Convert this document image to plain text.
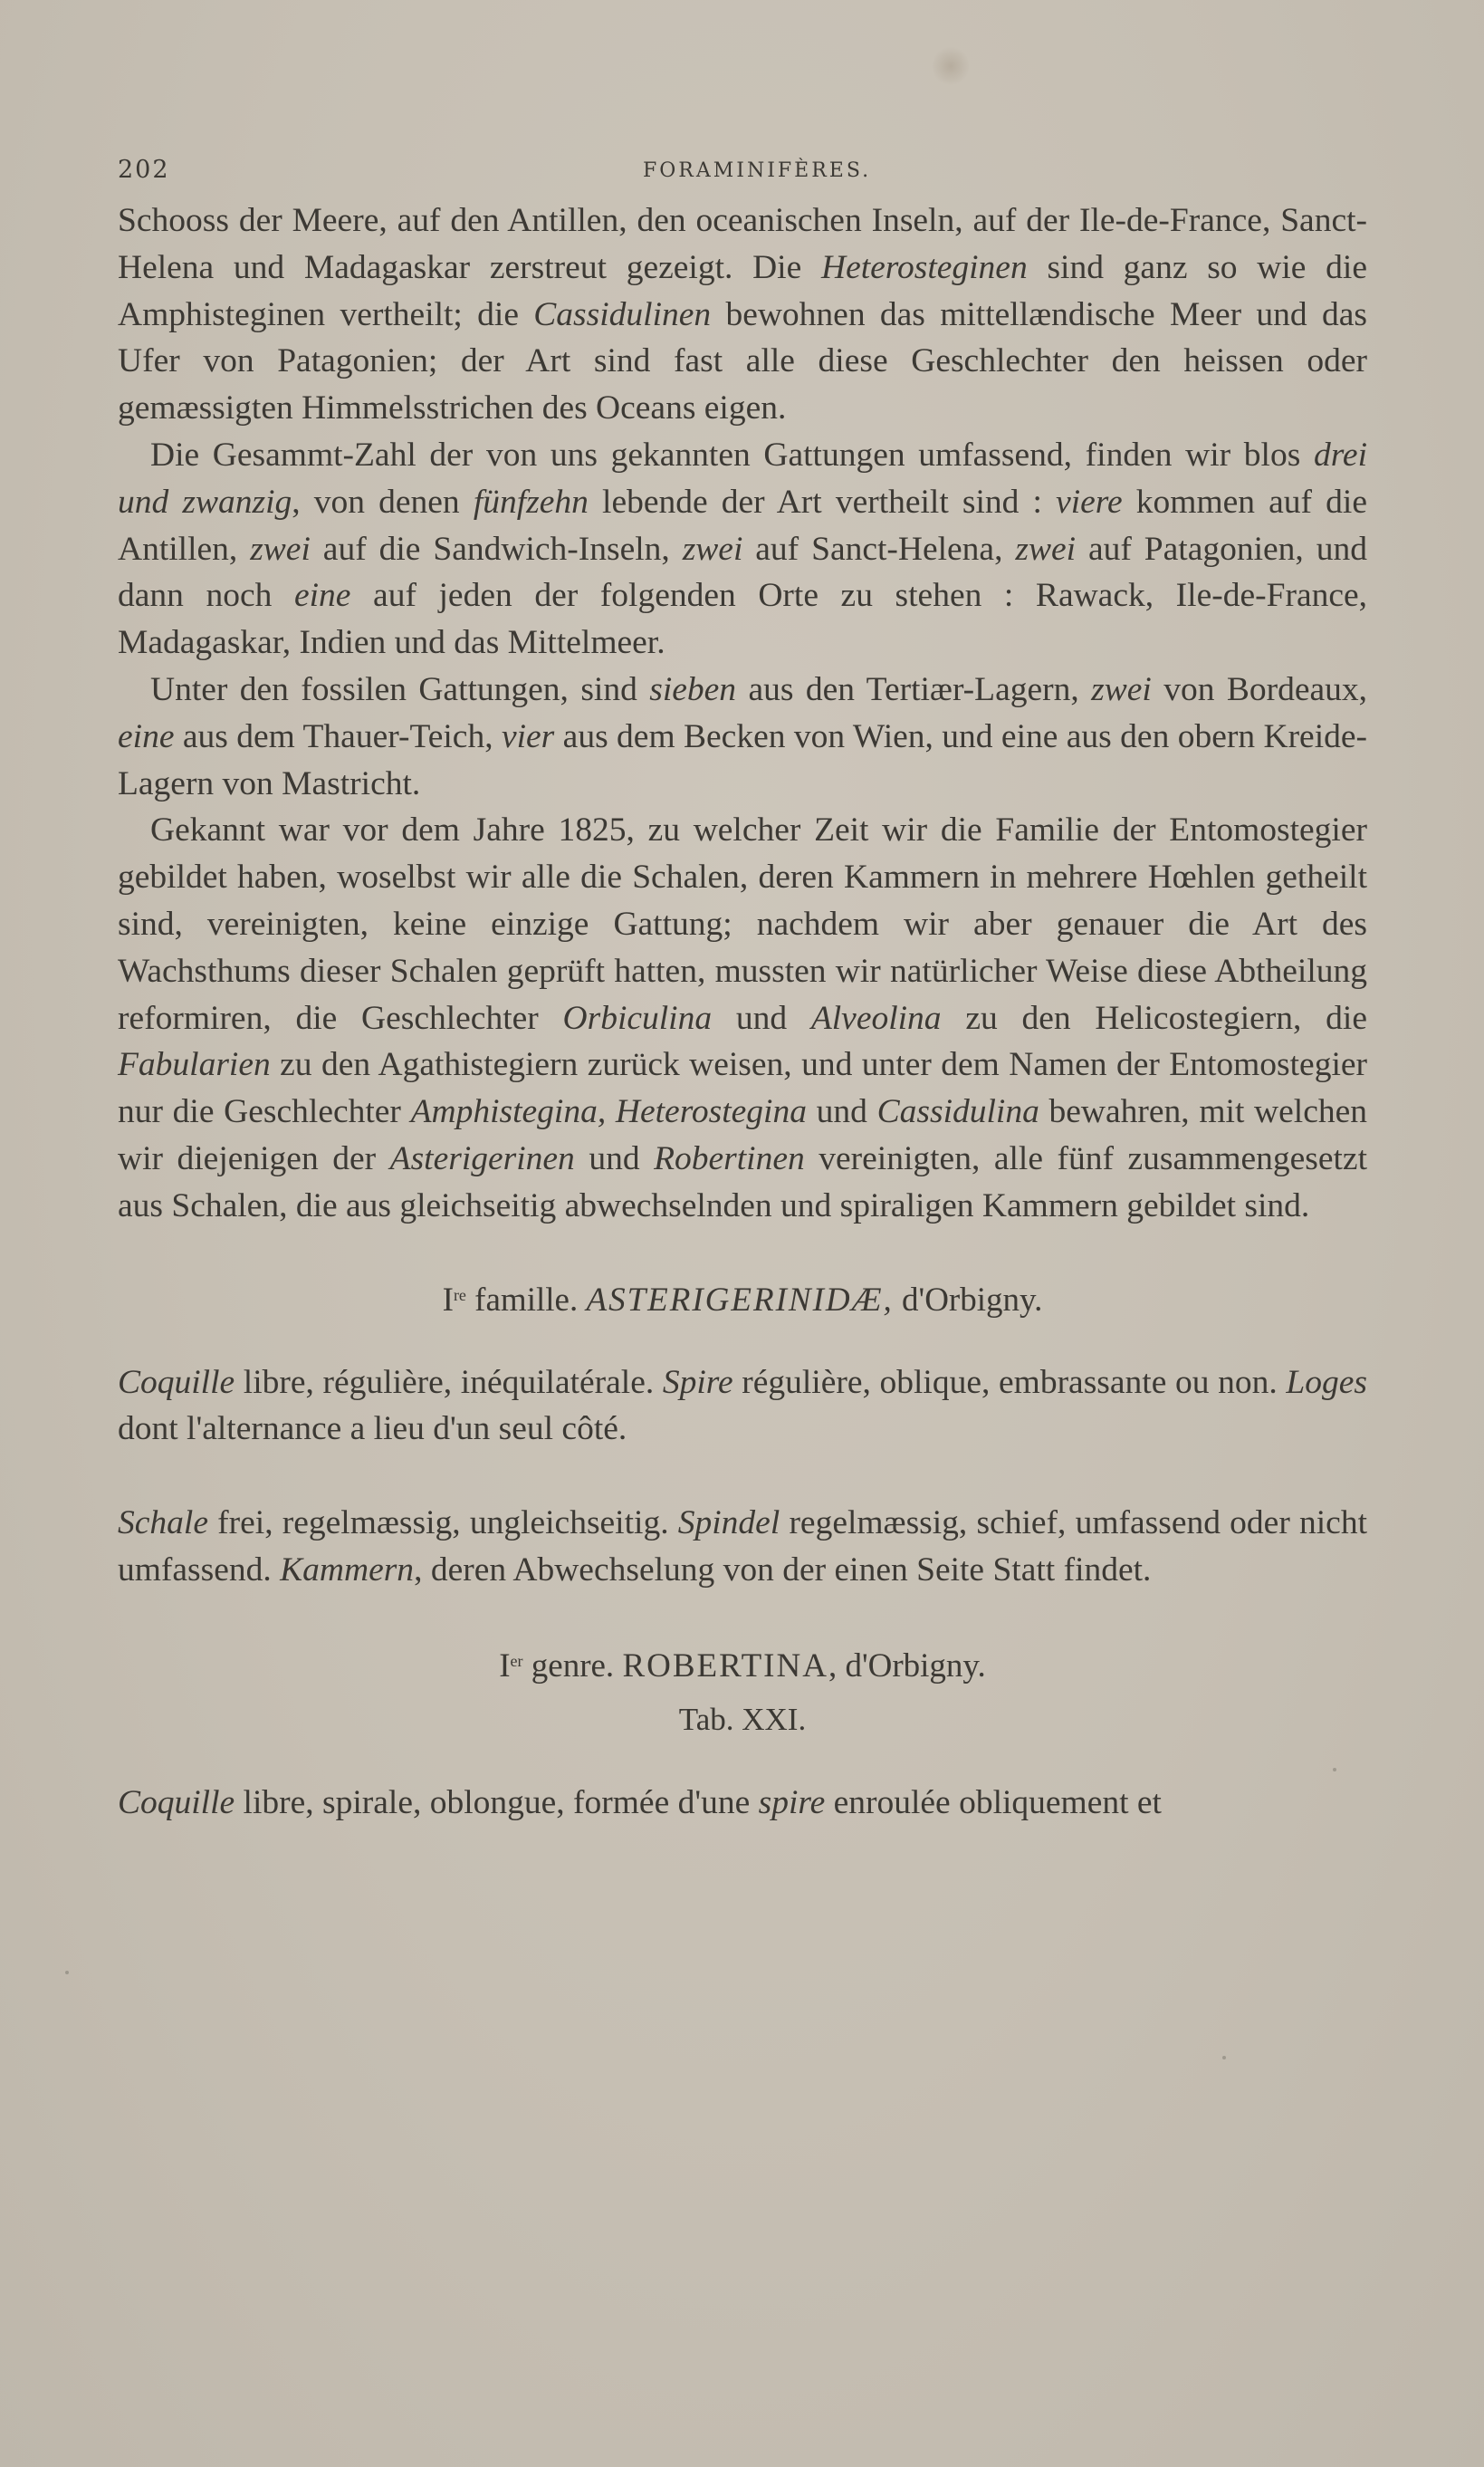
202	FORAMINIFÈRES.

Schooss der Meere, auf den Antillen, den oceanischen Inseln, auf der Ile-de-France, Sanct-Helena und Madagaskar zerstreut gezeigt. Die Heterosteginen sind ganz so wie die Amphisteginen vertheilt; die Cassidulinen bewohnen das mittellændische Meer und das Ufer von Patagonien; der Art sind fast alle diese Geschlechter den heissen oder gemæssigten Himmelsstrichen des Oceans eigen.

Die Gesammt-Zahl der von uns gekannten Gattungen umfassend, finden wir blos drei und zwanzig, von denen fünfzehn lebende der Art vertheilt sind : viere kommen auf die Antillen, zwei auf die Sandwich-Inseln, zwei auf Sanct-Helena, zwei auf Patagonien, und dann noch eine auf jeden der folgenden Orte zu stehen : Rawack, Ile-de-France, Madagaskar, Indien und das Mittelmeer.

Unter den fossilen Gattungen, sind sieben aus den Tertiær-Lagern, zwei von Bordeaux, eine aus dem Thauer-Teich, vier aus dem Becken von Wien, und eine aus den obern Kreide-Lagern von Mastricht.

Gekannt war vor dem Jahre 1825, zu welcher Zeit wir die Familie der Entomostegier gebildet haben, woselbst wir alle die Schalen, deren Kammern in mehrere Hœhlen getheilt sind, vereinigten, keine einzige Gattung; nachdem wir aber genauer die Art des Wachsthums dieser Schalen geprüft hatten, mussten wir natürlicher Weise diese Abtheilung reformiren, die Geschlechter Orbiculina und Alveolina zu den Helicostegiern, die Fabularien zu den Agathistegiern zurück weisen, und unter dem Namen der Entomostegier nur die Geschlechter Amphistegina, Heterostegina und Cassidulina bewahren, mit welchen wir diejenigen der Asterigerinen und Robertinen vereinigten, alle fünf zusammengesetzt aus Schalen, die aus gleichseitig abwechselnden und spiraligen Kammern gebildet sind.

Ire famille. ASTERIGERINIDÆ, d'Orbigny.

Coquille libre, régulière, inéquilatérale. Spire régulière, oblique, embrassante ou non. Loges dont l'alternance a lieu d'un seul côté.

Schale frei, regelmæssig, ungleichseitig. Spindel regelmæssig, schief, umfassend oder nicht umfassend. Kammern, deren Abwechselung von der einen Seite Statt findet.

Ier genre. ROBERTINA, d'Orbigny.

Tab. XXI.

Coquille libre, spirale, oblongue, formée d'une spire enroulée obliquement et
